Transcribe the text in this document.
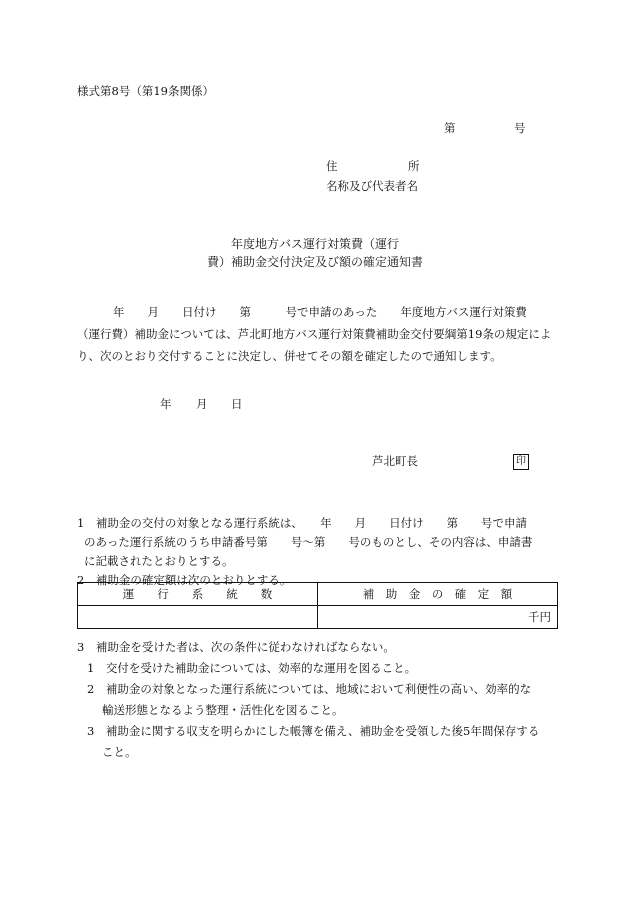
様式第8号（第19条関係）
第	号
住	所
名称及び代表者名
年度地方バス運行対策費（運行
費）補助金交付決定及び額の確定通知書
年　　月　　日付け　　第　　　号で申請のあった　　年度地方バス運行対策費
（運行費）補助金については、芦北町地方バス運行対策費補助金交付要綱第19条の規定によ
り、次のとおり交付することに決定し、併せてその額を確定したので通知します。
年 月 日
芦北町長	印
1　補助金の交付の対象となる運行系統は、　　年　　月　　日付け　　第　　号で申請
のあった運行系統のうち申請番号第　　号～第　　号のものとし、その内容は、申請書
に記載されたとおりとする。
2　補助金の確定額は次のとおりとする。
運　　行　　系　　統　　数	補　助　金　の　確　定　額
	千円
3　補助金を受けた者は、次の条件に従わなければならない。
1　交付を受けた補助金については、効率的な運用を図ること。
2　補助金の対象となった運行系統については、地域において利便性の高い、効率的な
輸送形態となるよう整理・活性化を図ること。
3　補助金に関する収支を明らかにした帳簿を備え、補助金を受領した後5年間保存する
こと。
